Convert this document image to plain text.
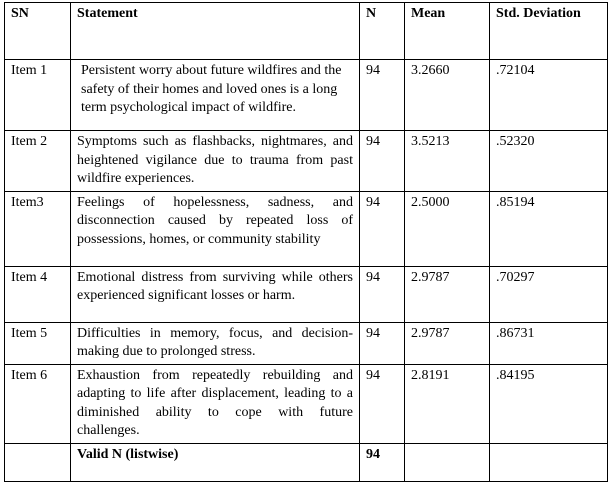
SN	Statement	N	Mean	Std. Deviation
Item 1	Persistent worry about future wildfires and the safety of their homes and loved ones is a long term psychological impact of wildfire.	94	3.2660	.72104
Item 2	Symptoms such as flashbacks, nightmares, and heightened vigilance due to trauma from past wildfire experiences.	94	3.5213	.52320
Item3	Feelings of hopelessness, sadness, and disconnection caused by repeated loss of possessions, homes, or community stability	94	2.5000	.85194
Item 4	Emotional distress from surviving while others experienced significant losses or harm.	94	2.9787	.70297
Item 5	Difficulties in memory, focus, and decision-making due to prolonged stress.	94	2.9787	.86731
Item 6	Exhaustion from repeatedly rebuilding and adapting to life after displacement, leading to a diminished ability to cope with future challenges.	94	2.8191	.84195
	Valid N (listwise)	94		
